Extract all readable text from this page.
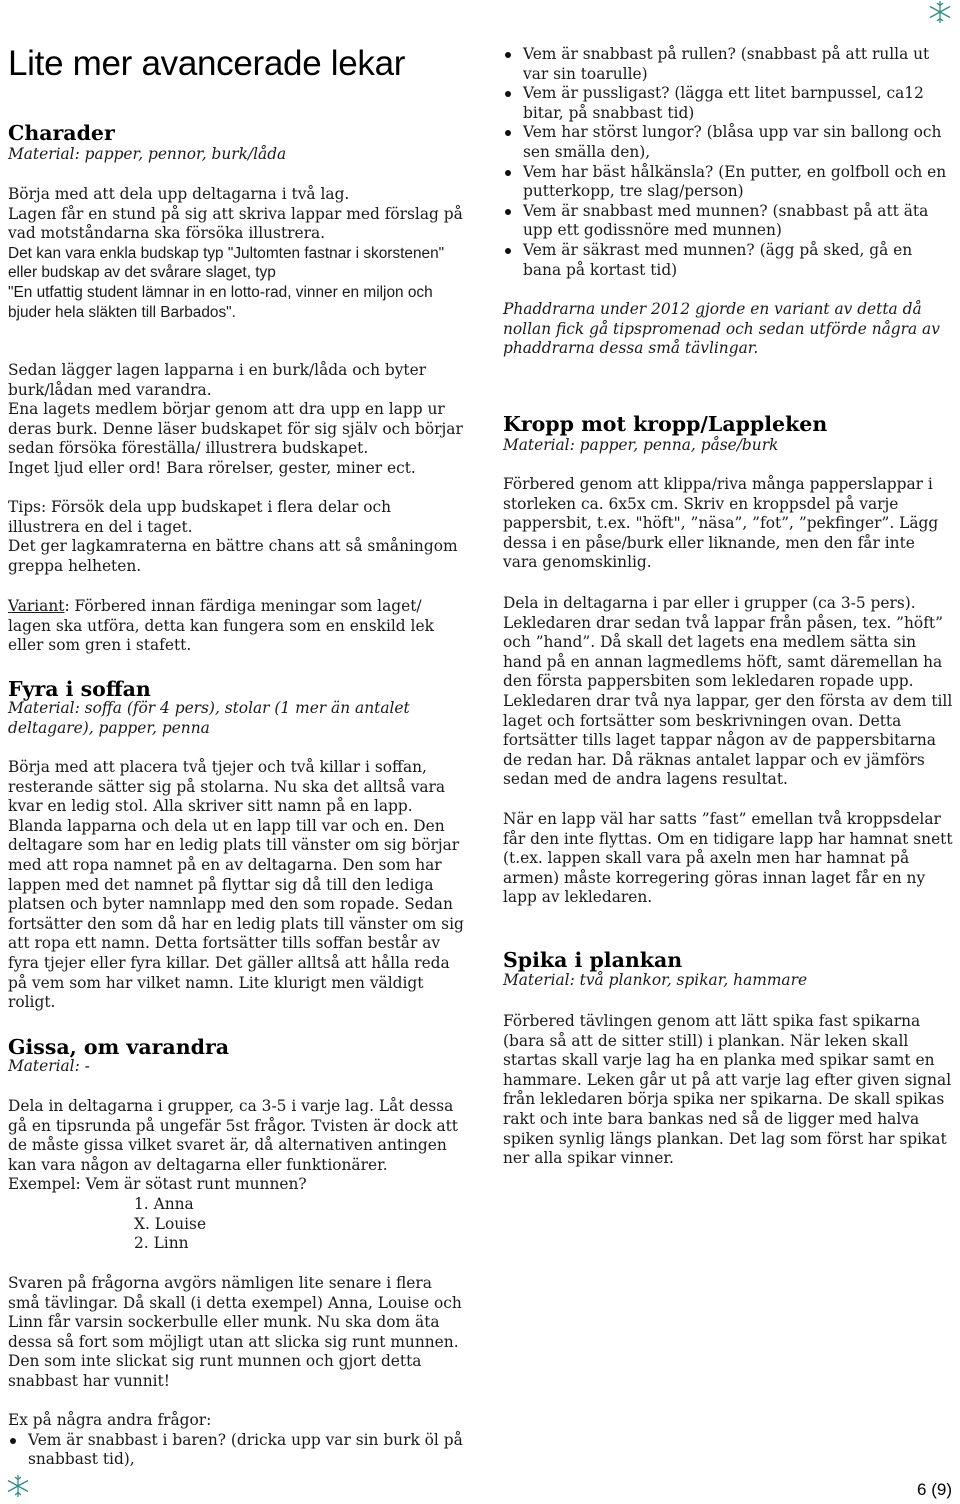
Lite mer avancerade lekar
Charader
Material: papper, pennor, burk/låda

Börja med att dela upp deltagarna i två lag.

Lagen får en stund på sig att skriva lappar med förslag på vad motståndarna ska försöka illustrera.

Det kan vara enkla budskap typ "Jultomten fastnar i skorstenen"

eller budskap av det svårare slaget, typ

"En utfattig student lämnar in en lotto-rad, vinner en miljon och bjuder hela släkten till Barbados".

Sedan lägger lagen lapparna i en burk/låda och byter burk/lådan med varandra.

Ena lagets medlem börjar genom att dra upp en lapp ur deras burk. Denne läser budskapet för sig själv och börjar sedan försöka föreställa/ illustrera budskapet.

Inget ljud eller ord! Bara rörelser, gester, miner ect.

Tips: Försök dela upp budskapet i flera delar och illustrera en del i taget.

Det ger lagkamraterna en bättre chans att så småningom greppa helheten.

Variant: Förbered innan färdiga meningar som laget/ lagen ska utföra, detta kan fungera som en enskild lek eller som gren i stafett.

Fyra i soffan
Material: soffa (för 4 pers), stolar (1 mer än antalet deltagare), papper, penna
Börja med att placera två tjejer och två killar i soffan, resterande sätter sig på stolarna. Nu ska det alltså vara kvar en ledig stol. Alla skriver sitt namn på en lapp. Blanda lapparna och dela ut en lapp till var och en. Den deltagare som har en ledig plats till vänster om sig börjar med att ropa namnet på en av deltagarna. Den som har lappen med det namnet på flyttar sig då till den lediga platsen och byter namnlapp med den som ropade. Sedan fortsätter den som då har en ledig plats till vänster om sig att ropa ett namn. Detta fortsätter tills soffan består av fyra tjejer eller fyra killar. Det gäller alltså att hålla reda på vem som har vilket namn. Lite klurigt men väldigt roligt.
Gissa, om varandra
Material: -

Dela in deltagarna i grupper, ca 3-5 i varje lag. Låt dessa gå en tipsrunda på ungefär 5st frågor. Tvisten är dock att de måste gissa vilket svaret är, då alternativen antingen kan vara någon av deltagarna eller funktionärer.

Exempel: Vem är sötast runt munnen?

1. Anna

X. Louise

2. Linn

Svaren på frågorna avgörs nämligen lite senare i flera små tävlingar. Då skall (i detta exempel) Anna, Louise och Linn får varsin sockerbulle eller munk. Nu ska dom äta dessa så fort som möjligt utan att slicka sig runt munnen. Den som inte slickat sig runt munnen och gjort detta snabbast har vunnit!

Ex på några andra frågor:

Vem är snabbast i baren? (dricka upp var sin burk öl på snabbast tid),
Vem är snabbast på rullen? (snabbast på att rulla ut var sin toarulle)
Vem är pussligast? (lägga ett litet barnpussel, ca12 bitar, på snabbast tid)
Vem har störst lungor? (blåsa upp var sin ballong och sen smälla den),
Vem har bäst hålkänsla? (En putter, en golfboll och en putterkopp, tre slag/person)
Vem är snabbast med munnen? (snabbast på att äta upp ett godissnöre med munnen)
Vem är säkrast med munnen? (ägg på sked, gå en bana på kortast tid)
Phaddrarna under 2012 gjorde en variant av detta då nollan fick gå tipspromenad och sedan utförde några av phaddrarna dessa små tävlingar.
Kropp mot kropp/Lappleken
Material: papper, penna, påse/burk
Förbered genom att klippa/riva många papperslappar i storleken ca. 6x5x cm. Skriv en kroppsdel på varje pappersbit, t.ex. "höft", ”näsa”, ”fot”, ”pekfinger”. Lägg dessa i en påse/burk eller liknande, men den får inte vara genomskinlig.
Dela in deltagarna i par eller i grupper (ca 3-5 pers). Lekledaren drar sedan två lappar från påsen, tex. ”höft” och ”hand”. Då skall det lagets ena medlem sätta sin hand på en annan lagmedlems höft, samt däremellan ha den första pappersbiten som lekledaren ropade upp. Lekledaren drar två nya lappar, ger den första av dem till laget och fortsätter som beskrivningen ovan. Detta fortsätter tills laget tappar någon av de pappersbitarna de redan har. Då räknas antalet lappar och ev jämförs sedan med de andra lagens resultat.
När en lapp väl har satts ”fast” emellan två kroppsdelar får den inte flyttas. Om en tidigare lapp har hamnat snett (t.ex. lappen skall vara på axeln men har hamnat på armen) måste korregering göras innan laget får en ny lapp av lekledaren.
Spika i plankan
Material: två plankor, spikar, hammare
Förbered tävlingen genom att lätt spika fast spikarna (bara så att de sitter still) i plankan. När leken skall startas skall varje lag ha en planka med spikar samt en hammare. Leken går ut på att varje lag efter given signal från lekledaren börja spika ner spikarna. De skall spikas rakt och inte bara bankas ned så de ligger med halva spiken synlig längs plankan. Det lag som först har spikat ner alla spikar vinner.
6 (9)
